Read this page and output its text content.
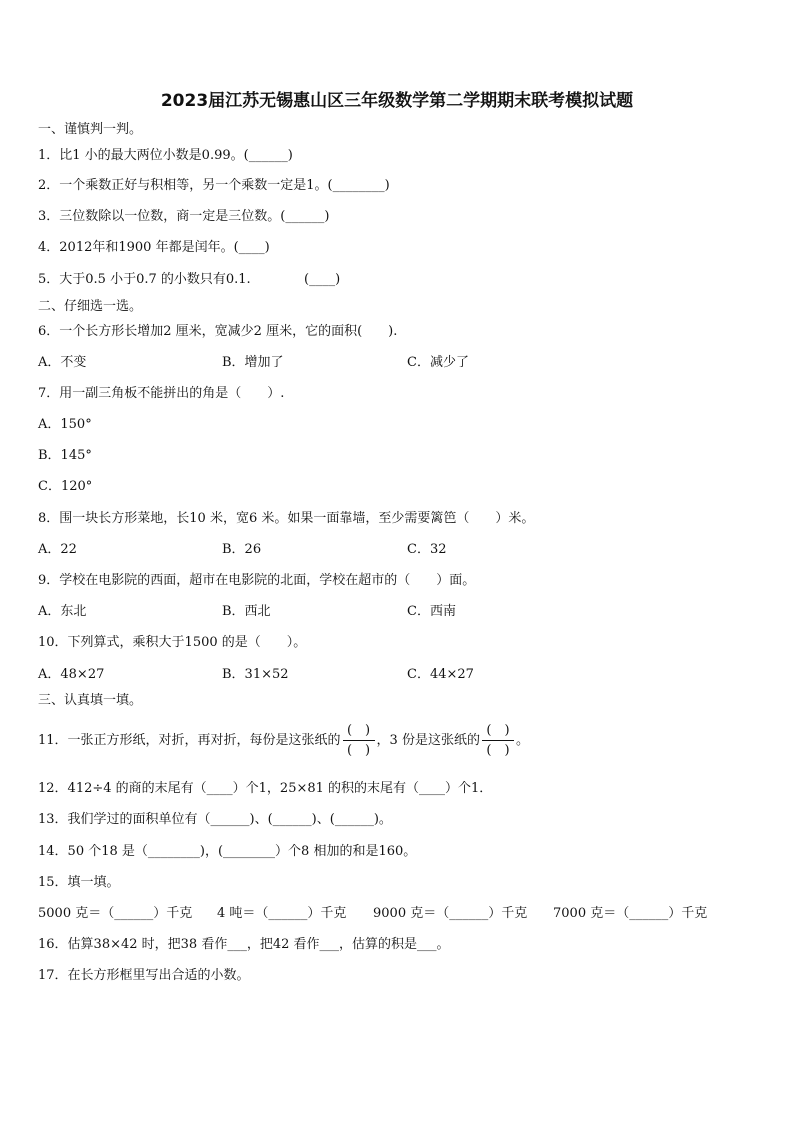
2023届江苏无锡惠山区三年级数学第二学期期末联考模拟试题
一、谨慎判一判。
1．比1 小的最大两位小数是0.99。(______)
2．一个乘数正好与积相等，另一个乘数一定是1。(________)
3．三位数除以一位数，商一定是三位数。(______)
4．2012年和1900 年都是闰年。(____)
5．大于0.5 小于0.7 的小数只有0.1.	(____)
二、仔细选一选。
6．一个长方形长增加2 厘米，宽减少2 厘米，它的面积(　　).
A．不变	B．增加了	C．减少了
7．用一副三角板不能拼出的角是（　　）.
A．150°
B．145°
C．120°
8．围一块长方形菜地，长10 米，宽6 米。如果一面靠墙，至少需要篱笆（　　）米。
A．22	B．26	C．32
9．学校在电影院的西面，超市在电影院的北面，学校在超市的（　　）面。
A．东北	B．西北	C．西南
10．下列算式，乘积大于1500 的是（　　）。
A．48×27	B．31×52	C．44×27
三、认真填一填。
11．一张正方形纸，对折，再对折，每份是这张纸的 $\frac{( )}{( )}$ ，3 份是这张纸的 $\frac{( )}{( )}$ 。
12．412÷4 的商的末尾有（____）个1，25×81 的积的末尾有（____）个1．
13．我们学过的面积单位有（______)、(______)、(______)。
14．50 个18 是（________)，(________）个8 相加的和是160。
15．填一填。
5000 克＝（______）千克 4 吨＝（______）千克 9000 克＝（______）千克 7000 克＝（______）千克
16．估算38×42 时，把38 看作___，把42 看作___，估算的积是___。
17．在长方形框里写出合适的小数。
